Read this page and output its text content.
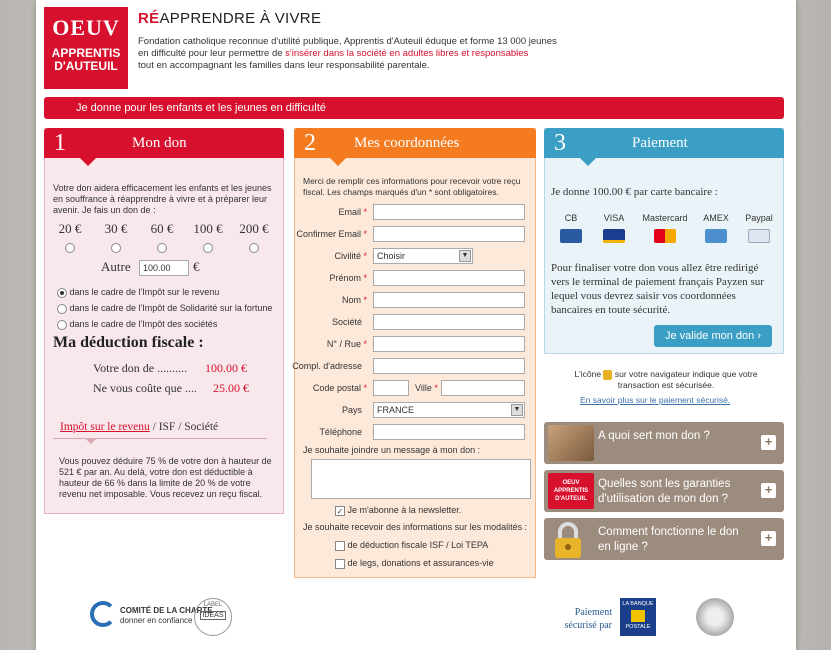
OEUV
APPRENTIS
D'AUTEUIL
RÉAPPRENDRE À VIVRE
Fondation catholique reconnue d'utilité publique, Apprentis d'Auteuil éduque et forme 13 000 jeunes en difficulté pour leur permettre de s'insérer dans la société en adultes libres et responsables
tout en accompagnant les familles dans leur responsabilité parentale.
Je donne pour les enfants et les jeunes en difficulté
1	Mon don
Votre don aidera efficacement les enfants et les jeunes en souffrance à réapprendre à vivre et à préparer leur avenir. Je fais un don de :
20 €	30 €	60 €	100 €	200 €
Autre	100.00	€
dans le cadre de l'Impôt sur le revenu
dans le cadre de l'Impôt de Solidarité sur la fortune
dans le cadre de l'Impôt des sociétés
Ma déduction fiscale :
Votre don de .......... 100.00 €
Ne vous coûte que .... 25.00 €
Impôt sur le revenu / ISF / Société
Vous pouvez déduire 75 % de votre don à hauteur de 521 € par an. Au delà, votre don est déductible à hauteur de 66 % dans la limite de 20 % de votre revenu net imposable. Vous recevez un reçu fiscal.
2	Mes coordonnées
Merci de remplir ces informations pour recevoir votre reçu fiscal. Les champs marqués d'un * sont obligatoires.
Email *
Confirmer Email *
Civilité *	Choisir	▼
Prénom *
Nom *
Société
N° / Rue *
Compl. d'adresse
Code postal *	Ville *
Pays	FRANCE	▼
Téléphone
Je souhaite joindre un message à mon don :
✓ Je m'abonne à la newsletter.
Je souhaite recevoir des informations sur les modalités :
de déduction fiscale ISF / Loi TEPA
de legs, donations et assurances-vie
3	Paiement
Je donne 100.00 € par carte bancaire :
CB	VISA	Mastercard	AMEX	Paypal
Pour finaliser votre don vous allez être redirigé vers le terminal de paiement français Payzen sur lequel vous devrez saisir vos coordonnées bancaires en toute sécurité.
Je valide mon don ›
L'icône sur votre navigateur indique que votre transaction est sécurisée.
En savoir plus sur le paiement sécurisé.
A quoi sert mon don ?	+
OEUV
APPRENTIS
D'AUTEUIL
Quelles sont les garanties d'utilisation de mon don ?
+
Comment fonctionne le don en ligne ?
+
COMITÉ DE LA CHARTE
donner en confiance
LABEL
IDEAS	Paiement
sécurisé par
LA BANQUE
POSTALE
